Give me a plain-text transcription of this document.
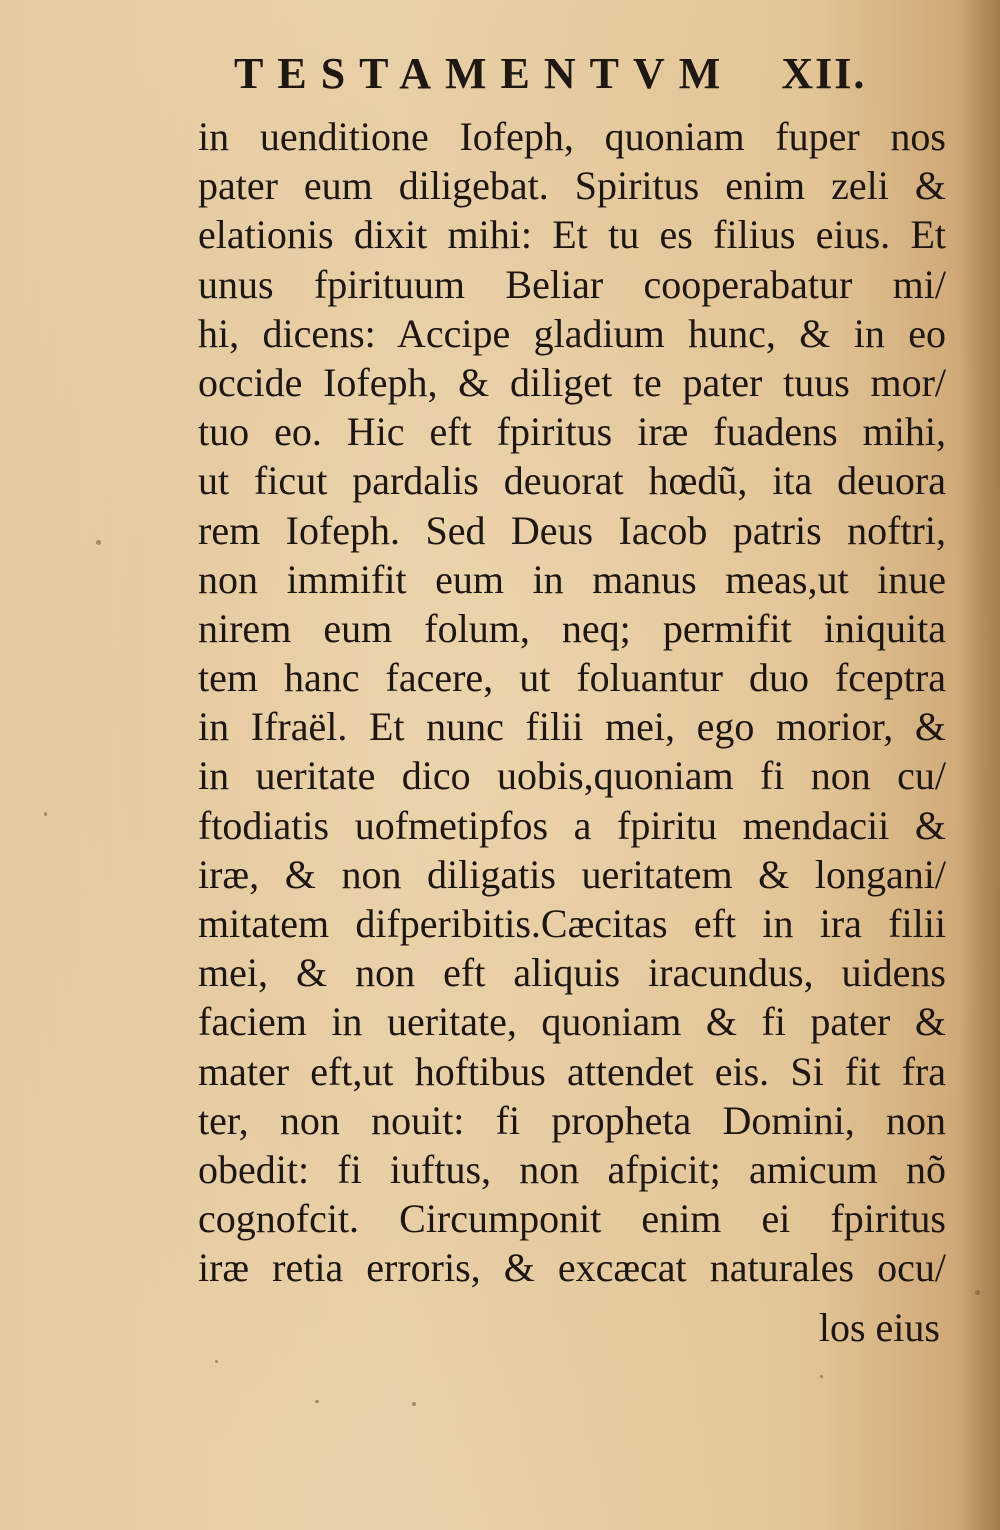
TESTAMENTVM XII.
in uenditione Iofeph, quoniam fuper nos
pater eum diligebat. Spiritus enim zeli &
elationis dixit mihi: Et tu es filius eius. Et
unus fpirituum Beliar cooperabatur mi/
hi, dicens: Accipe gladium hunc, & in eo
occide Iofeph, & diliget te pater tuus mor/
tuo eo. Hic eft fpiritus iræ fuadens mihi,
ut ficut pardalis deuorat hœdũ, ita deuora
rem Iofeph. Sed Deus Iacob patris noftri,
non immifit eum in manus meas,ut inue
nirem eum folum, neq; permifit iniquita
tem hanc facere, ut foluantur duo fceptra
in Ifraël. Et nunc filii mei, ego morior, &
in ueritate dico uobis,quoniam fi non cu/
ftodiatis uofmetipfos a fpiritu mendacii &
iræ, & non diligatis ueritatem & longani/
mitatem difperibitis.Cæcitas eft in ira filii
mei, & non eft aliquis iracundus, uidens
faciem in ueritate, quoniam & fi pater &
mater eft,ut hoftibus attendet eis. Si fit fra
ter, non nouit: fi propheta Domini, non
obedit: fi iuftus, non afpicit; amicum nõ
cognofcit. Circumponit enim ei fpiritus
iræ retia erroris, & excæcat naturales ocu/
los eius
